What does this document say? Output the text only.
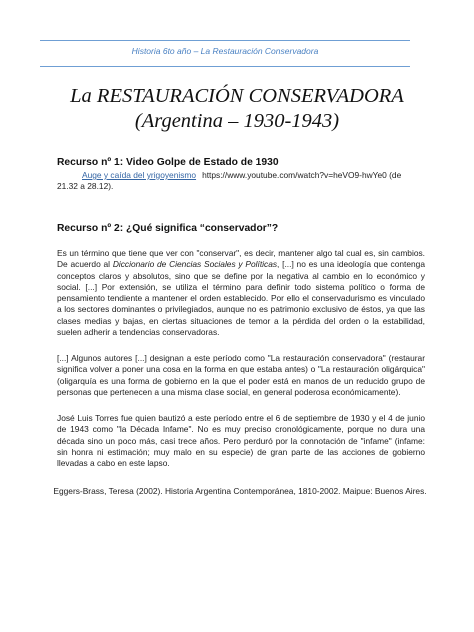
Historia 6to año – La Restauración Conservadora
La RESTAURACIÓN CONSERVADORA
(Argentina – 1930-1943)
Recurso nº 1: Video Golpe de Estado de 1930
Auge y caída del yrigoyenismo https://www.youtube.com/watch?v=heVO9-hwYe0 (de
21.32 a 28.12).
Recurso nº 2: ¿Qué significa “conservador”?
Es un término que tiene que ver con "conservar", es decir, mantener algo tal cual es, sin cambios. De acuerdo al Diccionario de Ciencias Sociales y Políticas, [...] no es una ideología que contenga conceptos claros y absolutos, sino que se define por la negativa al cambio en lo económico y social. [...] Por extensión, se utiliza el término para definir todo sistema político o forma de pensamiento tendiente a mantener el orden establecido. Por ello el conservadurismo es vinculado a los sectores dominantes o privilegiados, aunque no es patrimonio exclusivo de éstos, ya que las clases medias y bajas, en ciertas situaciones de temor a la pérdida del orden o la estabilidad, suelen adherir a tendencias conservadoras.
[...] Algunos autores [...] designan a este período como "La restauración conservadora" (restaurar significa volver a poner una cosa en la forma en que estaba antes) o "La restauración oligárquica" (oligarquía es una forma de gobierno en la que el poder está en manos de un reducido grupo de personas que pertenecen a una misma clase social, en general poderosa económicamente).
José Luis Torres fue quien bautizó a este período entre el 6 de septiembre de 1930 y el 4 de junio de 1943 como "la Década Infame". No es muy preciso cronológicamente, porque no dura una década sino un poco más, casi trece años. Pero perduró por la connotación de "infame" (infame: sin honra ni estimación; muy malo en su especie) de gran parte de las acciones de gobierno llevadas a cabo en este lapso.
Eggers-Brass, Teresa (2002). Historia Argentina Contemporánea, 1810-2002. Maipue: Buenos Aires.
